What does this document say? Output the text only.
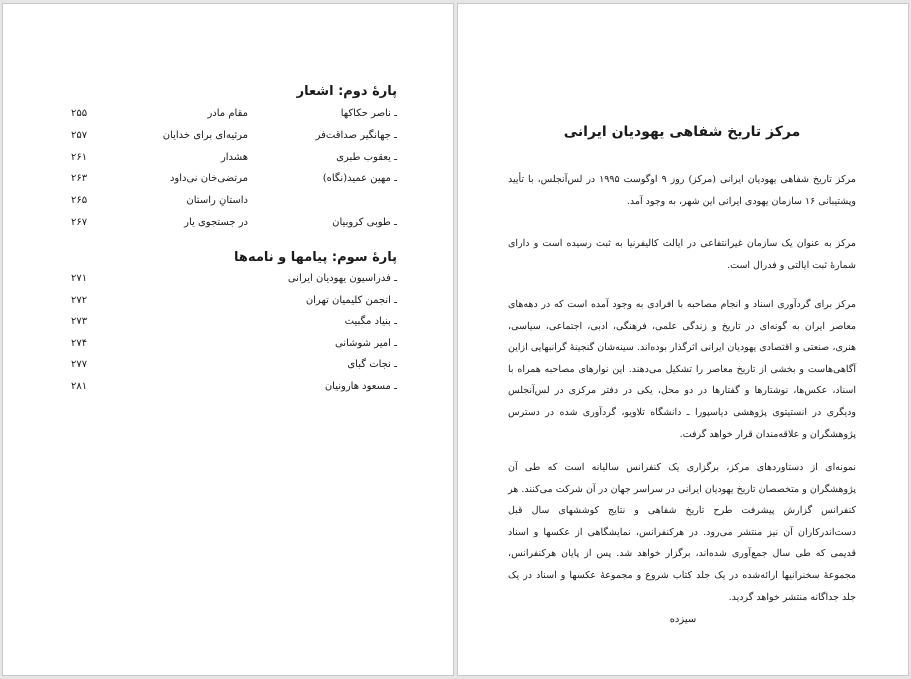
پارهٔ دوم: اشعار
ـ ناصر حکاکها
مقام مادر
۲۵۵
ـ جهانگیر صداقت‌فر
مرثیه‌ای برای خدایان
۲۵۷
ـ یعقوب طبری
هشدار
۲۶۱
ـ مهین عمید(نگاه)
مرتضی‌خان نی‌داود
۲۶۳
داستانِ راستان
۲۶۵
ـ طوبی کروبیان
در جستجوی یار
۲۶۷
پارهٔ سوم: پیامها و نامه‌ها
ـ فدراسیون یهودیان ایرانی
۲۷۱
ـ انجمن کلیمیان تهران
۲۷۲
ـ بنیاد مگبیت
۲۷۳
ـ امیر شوشانی
۲۷۴
ـ نجات گبای
۲۷۷
ـ مسعود هارونیان
۲۸۱
مرکز تاریخ شفاهی یهودیان ایرانی
مرکز تاریخ شفاهی یهودیان ایرانی (مرکز) روز ۹ اوگوست ۱۹۹۵ در لس‌آنجلس، با تأیید وپشتیبانی ۱۶ سازمان یهودی ایرانی این شهر، به وجود آمد.
مرکز به عنوان یک سازمان غیرانتفاعی در ایالت کالیفرنیا به ثبت رسیده است و دارای شمارهٔ ثبت ایالتی و فدرال است.
مرکز برای گردآوری اسناد و انجام مصاحبه با افرادی به وجود آمده است که در دهه‌های معاصر ایران به گونه‌ای در تاریخ و زندگی علمی، فرهنگی، ادبی، اجتماعی، سیاسی، هنری، صنعتی و اقتصادی یهودیان ایرانی اثرگذار بوده‌اند. سینه‌شان گنجینهٔ گرانبهایی ازاین آگاهی‌هاست و بخشی از تاریخ معاصر را تشکیل می‌دهند. این نوارهای مصاحبه همراه با اسناد، عکس‌ها، نوشتارها و گفتارها در دو محل، یکی در دفتر مرکزی در لس‌آنجلس ودیگری در انستیتوی پژوهشی دیاسپورا ـ دانشگاه تلاویو، گردآوری شده در دسترس پژوهشگران و علاقه‌مندان قرار خواهد گرفت.
نمونه‌ای از دستاوردهای مرکز، برگزاری یک کنفرانس سالیانه است که طی آن پژوهشگران و متخصصان تاریخ یهودیان ایرانی در سراسر جهان در آن شرکت می‌کنند. هر کنفرانس گزارش پیشرفت طرح تاریخ شفاهی و نتایج کوششهای سال قبل دست‌اندرکاران آن نیز منتشر می‌رود. در هرکنفرانس، نمایشگاهی از عکسها و اسناد قدیمی که طی سال جمع‌آوری شده‌اند، برگزار خواهد شد. پس از پایان هرکنفرانس، مجموعهٔ سخنرانیها ارائه‌شده در یک جلد کتاب شروع و مجموعهٔ عکسها و اسناد در یک جلد جداگانه منتشر خواهد گردید.
سیزده
